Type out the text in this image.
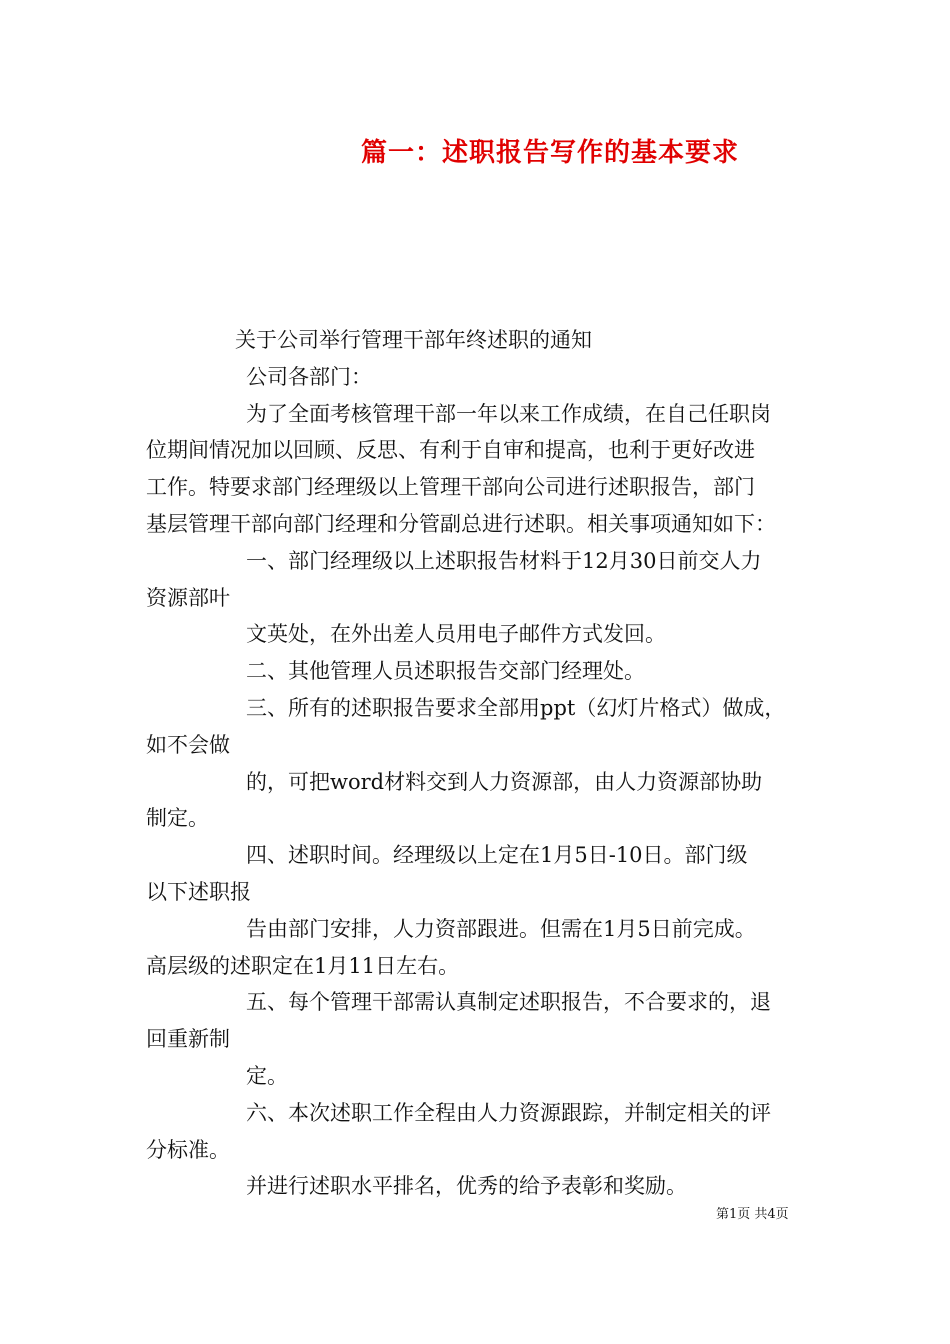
篇一：述职报告写作的基本要求
关于公司举行管理干部年终述职的通知
公司各部门：
为了全面考核管理干部一年以来工作成绩，在自己任职岗
位期间情况加以回顾、反思、有利于自审和提高，也利于更好改进
工作。特要求部门经理级以上管理干部向公司进行述职报告，部门
基层管理干部向部门经理和分管副总进行述职。相关事项通知如下：
一、部门经理级以上述职报告材料于12月30日前交人力
资源部叶
文英处，在外出差人员用电子邮件方式发回。
二、其他管理人员述职报告交部门经理处。
三、所有的述职报告要求全部用ppt（幻灯片格式）做成，
如不会做
的，可把word材料交到人力资源部，由人力资源部协助
制定。
四、述职时间。经理级以上定在1月5日-10日。部门级
以下述职报
告由部门安排，人力资部跟进。但需在1月5日前完成。
高层级的述职定在1月11日左右。
五、每个管理干部需认真制定述职报告，不合要求的，退
回重新制
定。
六、本次述职工作全程由人力资源跟踪，并制定相关的评
分标准。
并进行述职水平排名，优秀的给予表彰和奖励。
第1页 共4页
